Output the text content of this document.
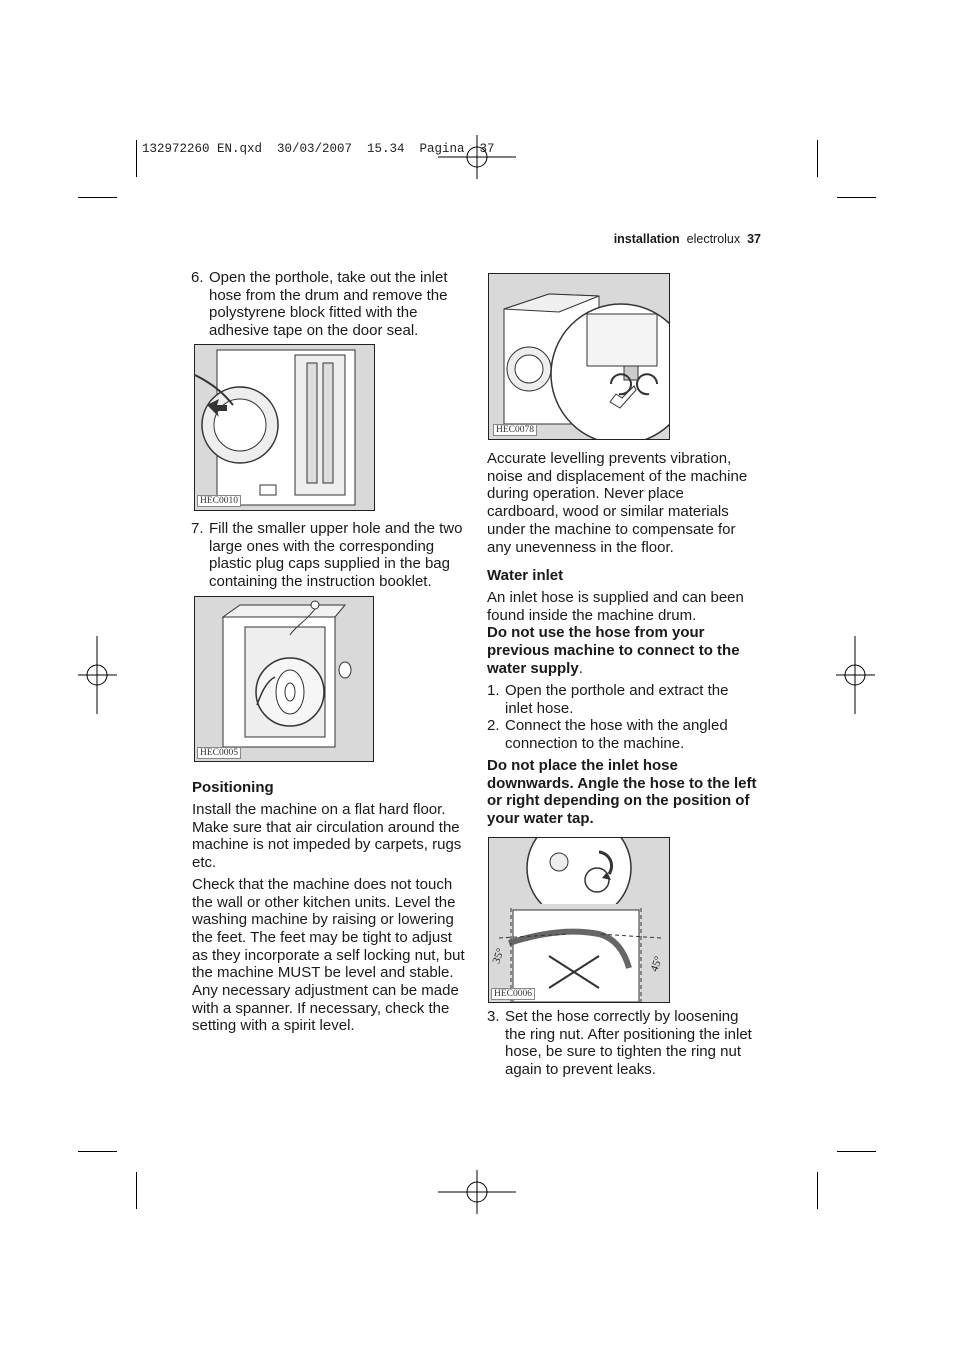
132972260 EN.qxd  30/03/2007  15.34  Pagina  37
installation electrolux 37
6. Open the porthole, take out the inlet hose from the drum and remove the polystyrene block fitted with the adhesive tape on the door seal.
HEC0010
7. Fill the smaller upper hole and the two large ones with the corresponding plastic plug caps supplied in the bag containing the instruction booklet.
HEC0005
Positioning

Install the machine on a flat hard floor. Make sure that air circulation around the machine is not impeded by carpets, rugs etc.

Check that the machine does not touch the wall or other kitchen units. Level the washing machine by raising or lowering the feet. The feet may be tight to adjust as they incorporate a self locking nut, but the machine MUST be level and stable.

Any necessary adjustment can be made with a spanner. If necessary, check the setting with a spirit level.

HEC0078
Accurate levelling prevents vibration, noise and displacement of the machine during operation. Never place cardboard, wood or similar materials under the machine to compensate for any unevenness in the floor.
Water inlet

An inlet hose is supplied and can been found inside the machine drum.

Do not use the hose from your previous machine to connect to the water supply.

1. Open the porthole and extract the inlet hose.
2. Connect the hose with the angled connection to the machine.
Do not place the inlet hose downwards. Angle the hose to the left or right depending on the position of your water tap.
35°	45°
HEC0006
3. Set the hose correctly by loosening the ring nut. After positioning the inlet hose, be sure to tighten the ring nut again to prevent leaks.
